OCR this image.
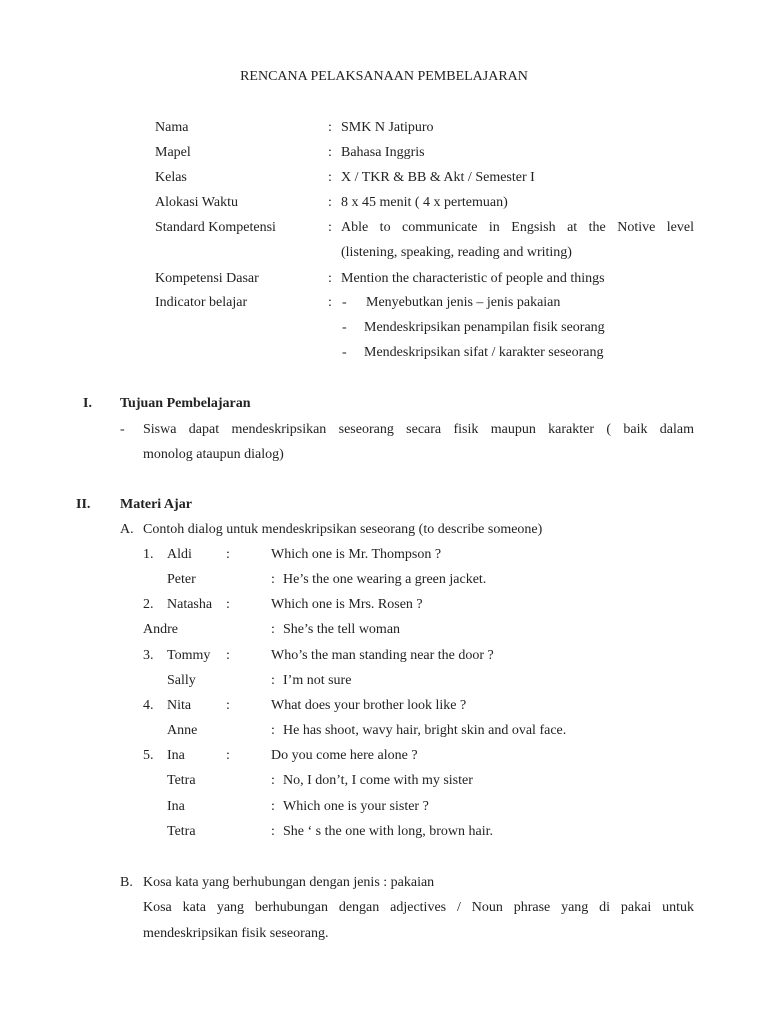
RENCANA PELAKSANAAN PEMBELAJARAN
Nama	: SMK N Jatipuro
Mapel	: Bahasa Inggris
Kelas	: X / TKR & BB & Akt / Semester I
Alokasi Waktu	: 8 x 45 menit ( 4 x pertemuan)
Standard Kompetensi	: Able to communicate in Engsish at the Notive level
(listening, speaking, reading and writing)
Kompetensi Dasar	: Mention the characteristic of people and things
Indicator belajar	: - Menyebutkan jenis – jenis pakaian
- Mendeskripsikan penampilan fisik seorang
- Mendeskripsikan sifat / karakter seseorang
I. Tujuan Pembelajaran
- Siswa dapat mendeskripsikan seseorang secara fisik maupun karakter ( baik dalam
monolog ataupun dialog)
II. Materi Ajar
A. Contoh dialog untuk mendeskripsikan seseorang (to describe someone)
1. Aldi :	Which one is Mr. Thompson ?
Peter	: He’s the one wearing a green jacket.
2. Natasha :	Which one is Mrs. Rosen ?
Andre	: She’s the tell woman
3. Tommy :	Who’s the man standing near the door ?
Sally	: I’m not sure
4. Nita :	What does your brother look like ?
Anne	: He has shoot, wavy hair, bright skin and oval face.
5. Ina	:	Do you come here alone ?
Tetra	: No, I don’t, I come with my sister
Ina	: Which one is your sister ?
Tetra	: She ‘ s the one with long, brown hair.
B. Kosa kata yang berhubungan dengan jenis : pakaian
Kosa kata yang berhubungan dengan adjectives / Noun phrase yang di pakai untuk
mendeskripsikan fisik seseorang.
